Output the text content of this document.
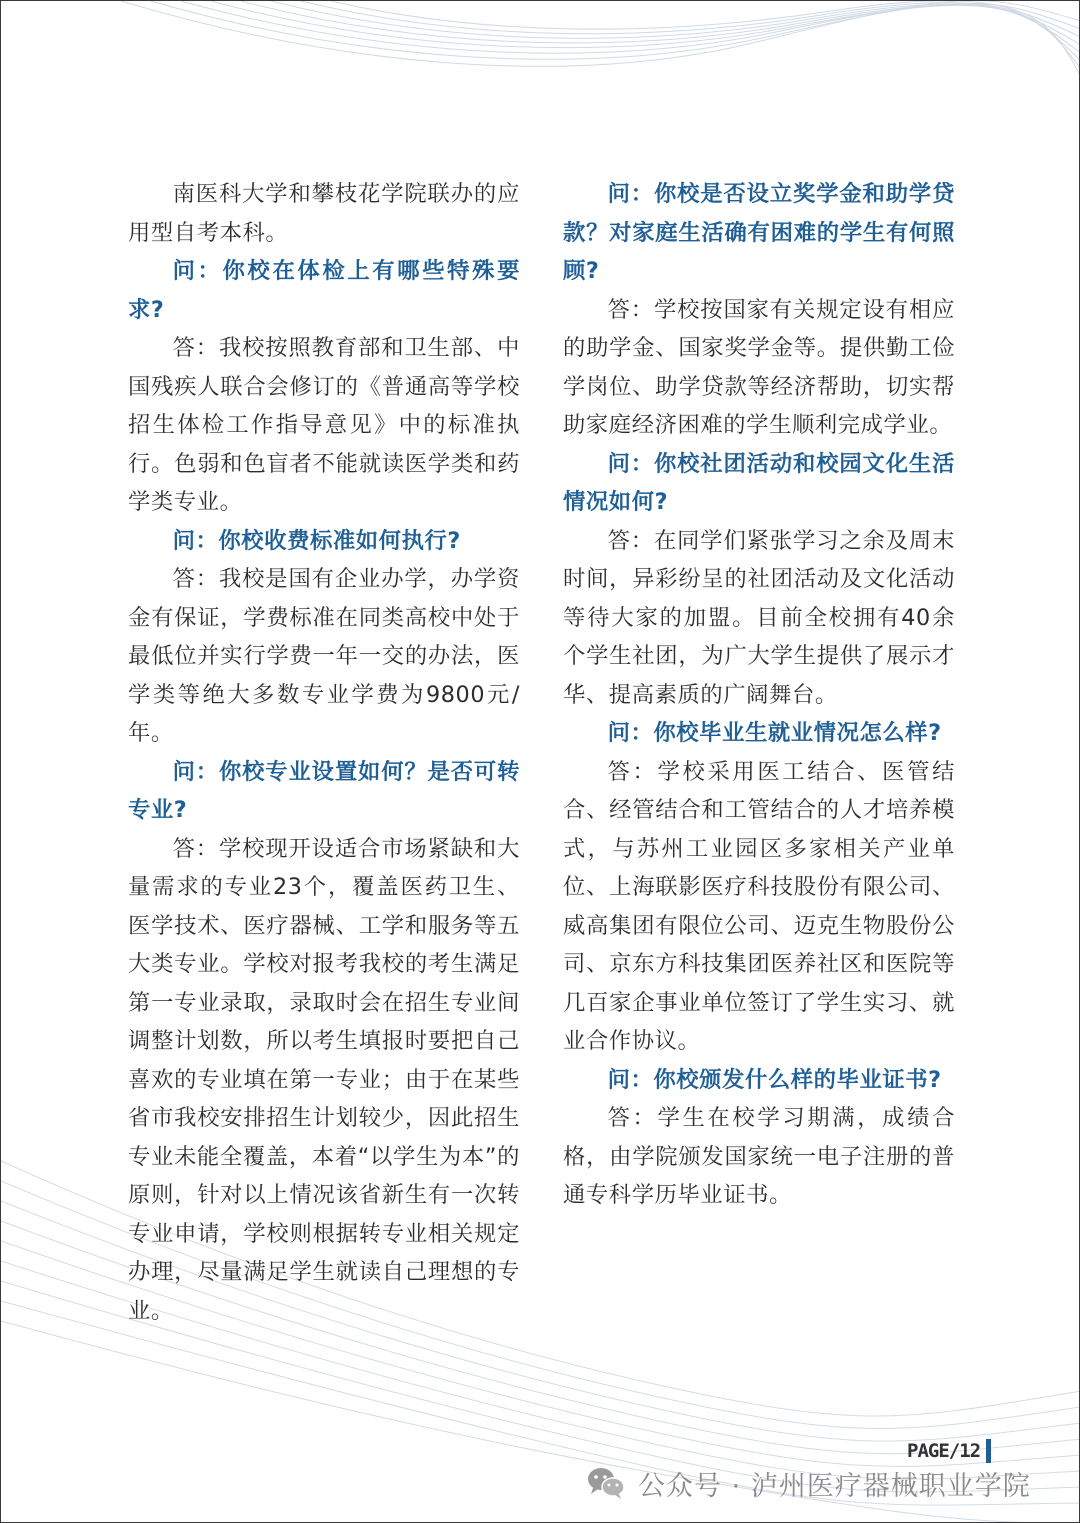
南医科大学和攀枝花学院联办的应用型自考本科。

问：你校在体检上有哪些特殊要求?

答：我校按照教育部和卫生部、中国残疾人联合会修订的《普通高等学校招生体检工作指导意见》中的标准执行。色弱和色盲者不能就读医学类和药学类专业。

问：你校收费标准如何执行?

答：我校是国有企业办学，办学资金有保证，学费标准在同类高校中处于最低位并实行学费一年一交的办法，医学类等绝大多数专业学费为9800元/年。

问：你校专业设置如何？是否可转专业?

答：学校现开设适合市场紧缺和大量需求的专业23个，覆盖医药卫生、医学技术、医疗器械、工学和服务等五大类专业。学校对报考我校的考生满足第一专业录取，录取时会在招生专业间调整计划数，所以考生填报时要把自己喜欢的专业填在第一专业；由于在某些省市我校安排招生计划较少，因此招生专业未能全覆盖，本着“以学生为本”的原则，针对以上情况该省新生有一次转专业申请，学校则根据转专业相关规定办理，尽量满足学生就读自己理想的专业。

问：你校是否设立奖学金和助学贷款？对家庭生活确有困难的学生有何照顾?

答：学校按国家有关规定设有相应的助学金、国家奖学金等。提供勤工俭学岗位、助学贷款等经济帮助，切实帮助家庭经济困难的学生顺利完成学业。

问：你校社团活动和校园文化生活情况如何?

答：在同学们紧张学习之余及周末时间，异彩纷呈的社团活动及文化活动等待大家的加盟。目前全校拥有40余个学生社团，为广大学生提供了展示才华、提高素质的广阔舞台。

问：你校毕业生就业情况怎么样?

答：学校采用医工结合、医管结合、经管结合和工管结合的人才培养模式，与苏州工业园区多家相关产业单位、上海联影医疗科技股份有限公司、威高集团有限位公司、迈克生物股份公司、京东方科技集团医养社区和医院等几百家企事业单位签订了学生实习、就业合作协议。

问：你校颁发什么样的毕业证书?

答：学生在校学习期满，成绩合格，由学院颁发国家统一电子注册的普通专科学历毕业证书。

PAGE/12
公众号 · 泸州医疗器械职业学院
